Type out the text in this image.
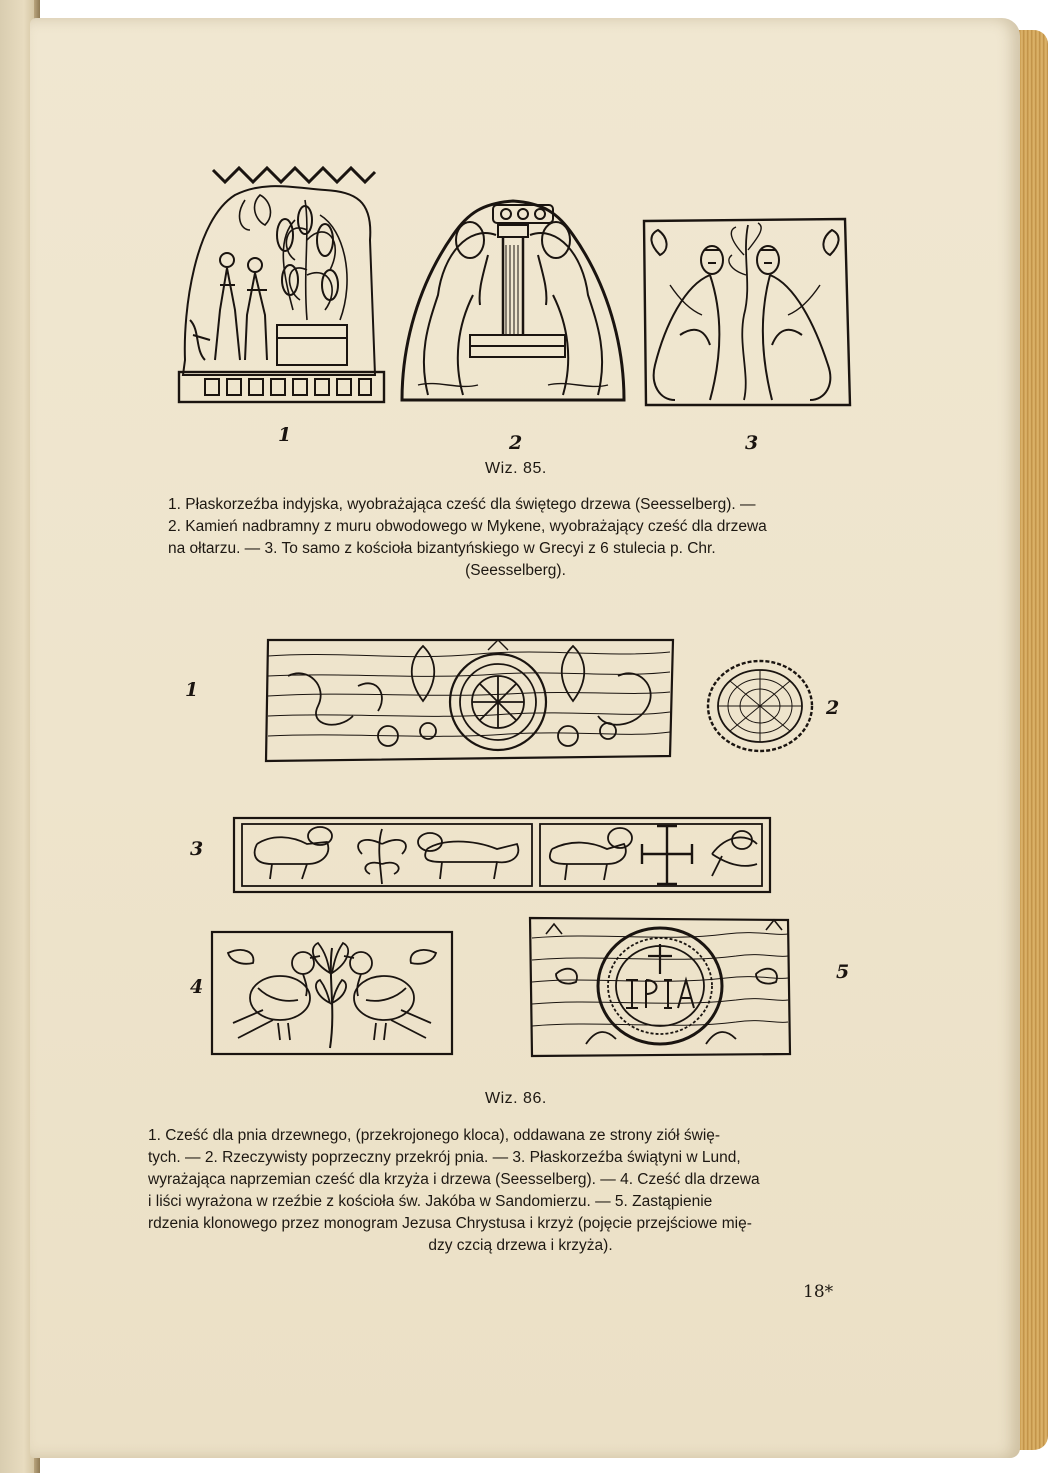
1	2	3
Wiz. 85.

1. Płaskorzeźba indyjska, wyobrażająca cześć dla świętego drzewa (Seesselberg). —

2. Kamień nadbramny z muru obwodowego w Mykene, wyobrażający cześć dla drzewa

na ołtarzu. — 3. To samo z kościoła bizantyńskiego w Grecyi z 6 stulecia p. Chr.

(Seesselberg).

1
2
3
4
5
Wiz. 86.

1. Cześć dla pnia drzewnego, (przekrojonego kloca), oddawana ze strony ziół świę-

tych. — 2. Rzeczywisty poprzeczny przekrój pnia. — 3. Płaskorzeźba świątyni w Lund,

wyrażająca naprzemian cześć dla krzyża i drzewa (Seesselberg). — 4. Cześć dla drzewa

i liści wyrażona w rzeźbie z kościoła św. Jakóba w Sandomierzu. — 5. Zastąpienie

rdzenia klonowego przez monogram Jezusa Chrystusa i krzyż (pojęcie przejściowe mię-

dzy czcią drzewa i krzyża).

18*
